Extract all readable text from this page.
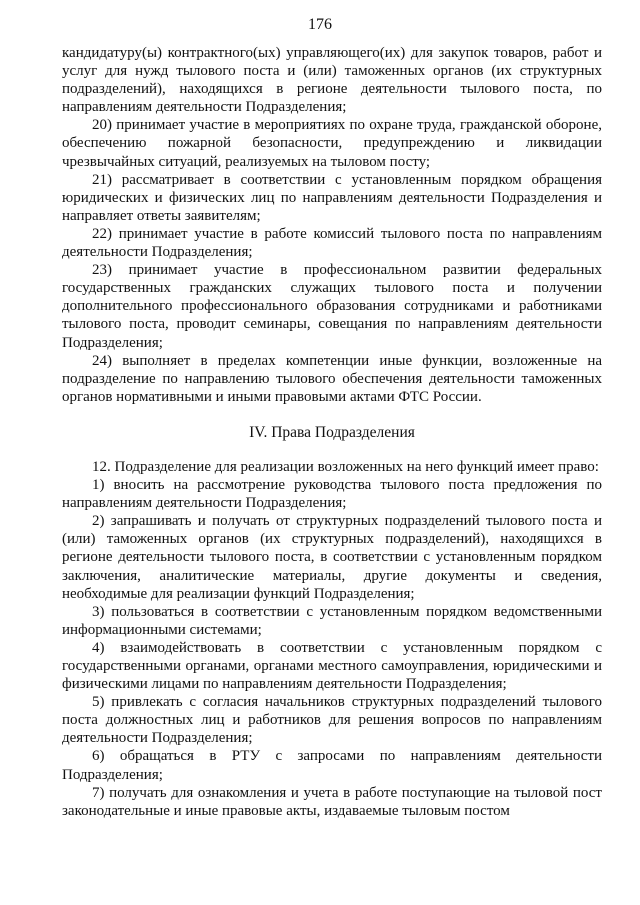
176

кандидатуру(ы) контрактного(ых) управляющего(их) для закупок товаров, работ и услуг для нужд тылового поста и (или) таможенных органов (их структурных подразделений), находящихся в регионе деятельности тылового поста, по направлениям деятельности Подразделения;

20) принимает участие в мероприятиях по охране труда, гражданской обороне, обеспечению пожарной безопасности, предупреждению и ликвидации чрезвычайных ситуаций, реализуемых на тыловом посту;

21) рассматривает в соответствии с установленным порядком обращения юридических и физических лиц по направлениям деятельности Подразделения и направляет ответы заявителям;

22) принимает участие в работе комиссий тылового поста по направлениям деятельности Подразделения;

23) принимает участие в профессиональном развитии федеральных государственных гражданских служащих тылового поста и получении дополнительного профессионального образования сотрудниками и работниками тылового поста, проводит семинары, совещания по направлениям деятельности Подразделения;

24) выполняет в пределах компетенции иные функции, возложенные на подразделение по направлению тылового обеспечения деятельности таможенных органов нормативными и иными правовыми актами ФТС России.

IV. Права Подразделения

12. Подразделение для реализации возложенных на него функций имеет право:

1) вносить на рассмотрение руководства тылового поста предложения по направлениям деятельности Подразделения;

2) запрашивать и получать от структурных подразделений тылового поста и (или) таможенных органов (их структурных подразделений), находящихся в регионе деятельности тылового поста, в соответствии с установленным порядком заключения, аналитические материалы, другие документы и сведения, необходимые для реализации функций Подразделения;

3) пользоваться в соответствии с установленным порядком ведомственными информационными системами;

4) взаимодействовать в соответствии с установленным порядком с государственными органами, органами местного самоуправления, юридическими и физическими лицами по направлениям деятельности Подразделения;

5) привлекать с согласия начальников структурных подразделений тылового поста должностных лиц и работников для решения вопросов по направлениям деятельности Подразделения;

6) обращаться в РТУ с запросами по направлениям деятельности Подразделения;

7) получать для ознакомления и учета в работе поступающие на тыловой пост законодательные и иные правовые акты, издаваемые тыловым постом
